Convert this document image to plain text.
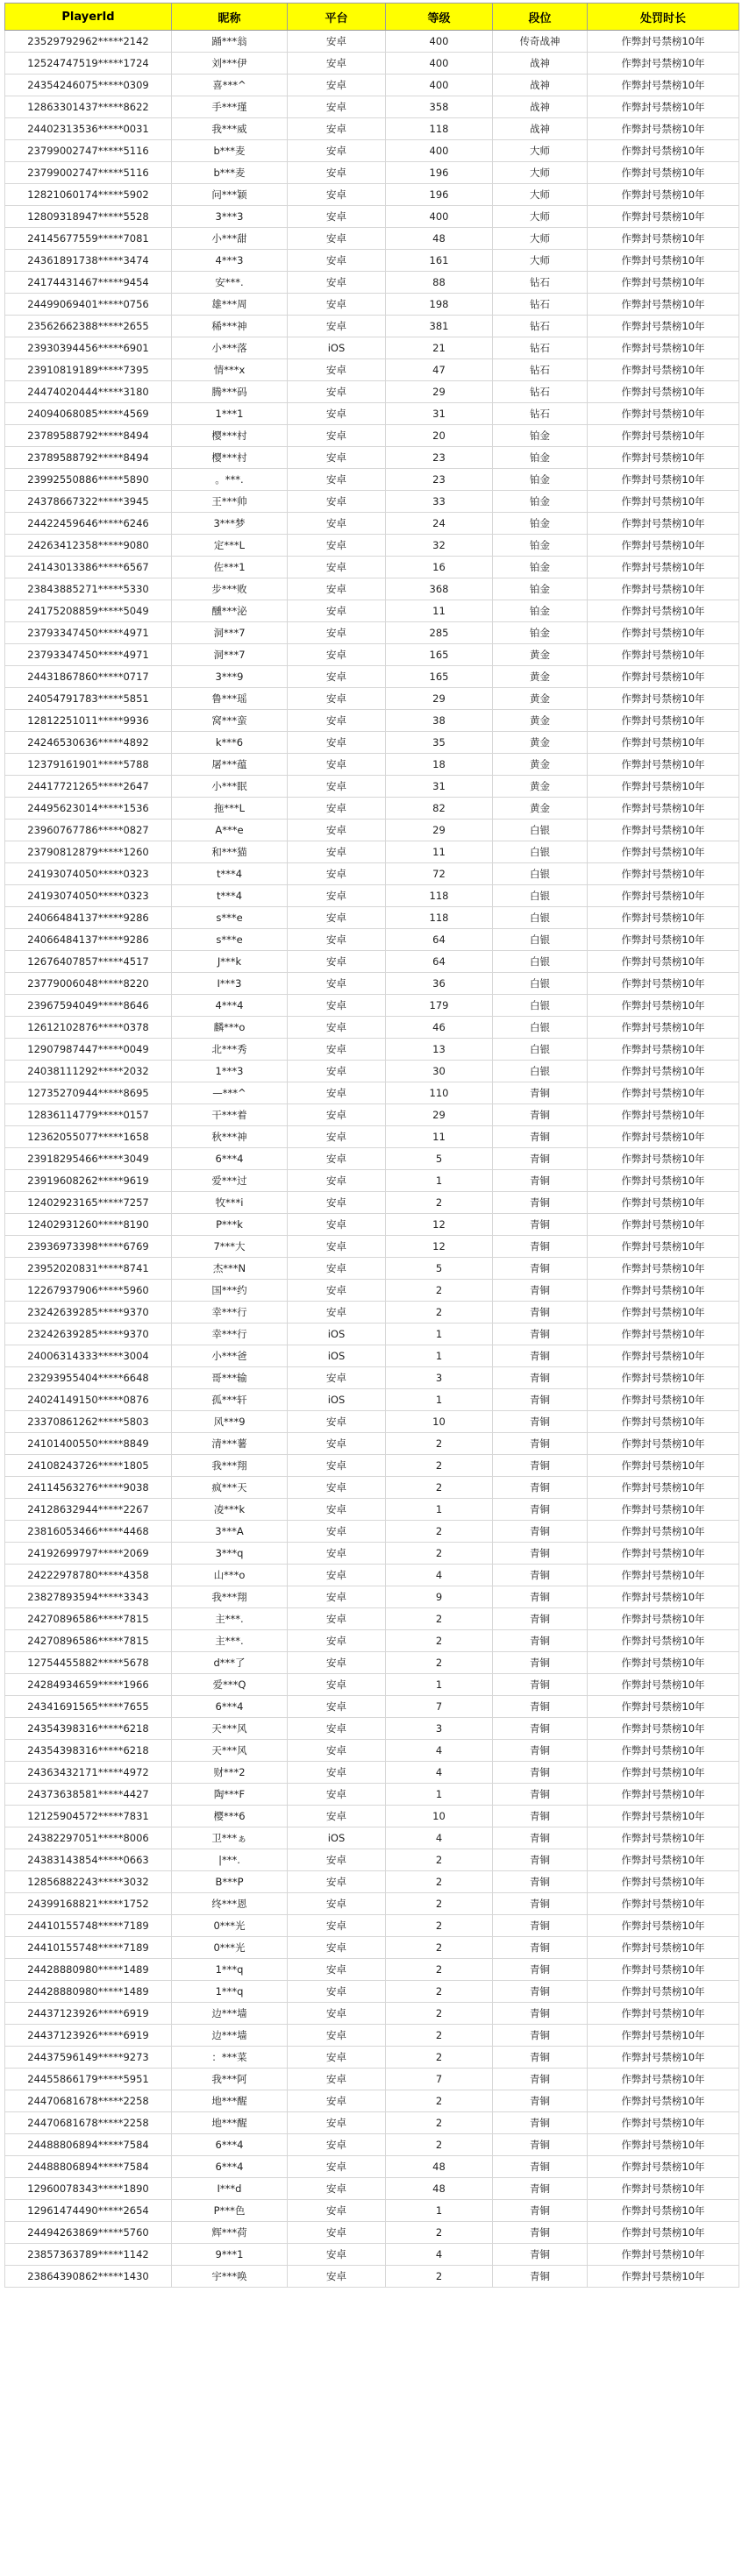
PlayerId	昵称	平台	等级	段位	处罚时长
23529792962*****2142	踊***翁	安卓	400	传奇战神	作弊封号禁榜10年
12524747519*****1724	刘***伊	安卓	400	战神	作弊封号禁榜10年
24354246075*****0309	喜***^	安卓	400	战神	作弊封号禁榜10年
12863301437*****8622	手***瑾	安卓	358	战神	作弊封号禁榜10年
24402313536*****0031	我***威	安卓	118	战神	作弊封号禁榜10年
23799002747*****5116	b***麦	安卓	400	大师	作弊封号禁榜10年
23799002747*****5116	b***麦	安卓	196	大师	作弊封号禁榜10年
12821060174*****5902	问***颖	安卓	196	大师	作弊封号禁榜10年
12809318947*****5528	3***3	安卓	400	大师	作弊封号禁榜10年
24145677559*****7081	小***甜	安卓	48	大师	作弊封号禁榜10年
24361891738*****3474	4***3	安卓	161	大师	作弊封号禁榜10年
24174431467*****9454	安***.	安卓	88	钻石	作弊封号禁榜10年
24499069401*****0756	雄***周	安卓	198	钻石	作弊封号禁榜10年
23562662388*****2655	稀***神	安卓	381	钻石	作弊封号禁榜10年
23930394456*****6901	小***落	iOS	21	钻石	作弊封号禁榜10年
23910819189*****7395	情***x	安卓	47	钻石	作弊封号禁榜10年
24474020444*****3180	腾***码	安卓	29	钻石	作弊封号禁榜10年
24094068085*****4569	1***1	安卓	31	钻石	作弊封号禁榜10年
23789588792*****8494	樱***村	安卓	20	铂金	作弊封号禁榜10年
23789588792*****8494	樱***村	安卓	23	铂金	作弊封号禁榜10年
23992550886*****5890	。***.	安卓	23	铂金	作弊封号禁榜10年
24378667322*****3945	王***帅	安卓	33	铂金	作弊封号禁榜10年
24422459646*****6246	3***梦	安卓	24	铂金	作弊封号禁榜10年
24263412358*****9080	定***L	安卓	32	铂金	作弊封号禁榜10年
24143013386*****6567	佐***1	安卓	16	铂金	作弊封号禁榜10年
23843885271*****5330	步***败	安卓	368	铂金	作弊封号禁榜10年
24175208859*****5049	醺***泌	安卓	11	铂金	作弊封号禁榜10年
23793347450*****4971	洞***7	安卓	285	铂金	作弊封号禁榜10年
23793347450*****4971	洞***7	安卓	165	黄金	作弊封号禁榜10年
24431867860*****0717	3***9	安卓	165	黄金	作弊封号禁榜10年
24054791783*****5851	鲁***瑶	安卓	29	黄金	作弊封号禁榜10年
12812251011*****9936	窝***蛮	安卓	38	黄金	作弊封号禁榜10年
24246530636*****4892	k***6	安卓	35	黄金	作弊封号禁榜10年
12379161901*****5788	屠***蕴	安卓	18	黄金	作弊封号禁榜10年
24417721265*****2647	小***眠	安卓	31	黄金	作弊封号禁榜10年
24495623014*****1536	拖***L	安卓	82	黄金	作弊封号禁榜10年
23960767786*****0827	A***e	安卓	29	白银	作弊封号禁榜10年
23790812879*****1260	和***猫	安卓	11	白银	作弊封号禁榜10年
24193074050*****0323	t***4	安卓	72	白银	作弊封号禁榜10年
24193074050*****0323	t***4	安卓	118	白银	作弊封号禁榜10年
24066484137*****9286	s***e	安卓	118	白银	作弊封号禁榜10年
24066484137*****9286	s***e	安卓	64	白银	作弊封号禁榜10年
12676407857*****4517	J***k	安卓	64	白银	作弊封号禁榜10年
23779006048*****8220	I***3	安卓	36	白银	作弊封号禁榜10年
23967594049*****8646	4***4	安卓	179	白银	作弊封号禁榜10年
12612102876*****0378	麟***o	安卓	46	白银	作弊封号禁榜10年
12907987447*****0049	北***秀	安卓	13	白银	作弊封号禁榜10年
24038111292*****2032	1***3	安卓	30	白银	作弊封号禁榜10年
12735270944*****8695	—***^	安卓	110	青铜	作弊封号禁榜10年
12836114779*****0157	干***着	安卓	29	青铜	作弊封号禁榜10年
12362055077*****1658	秋***神	安卓	11	青铜	作弊封号禁榜10年
23918295466*****3049	6***4	安卓	5	青铜	作弊封号禁榜10年
23919608262*****9619	爱***过	安卓	1	青铜	作弊封号禁榜10年
12402923165*****7257	牧***i	安卓	2	青铜	作弊封号禁榜10年
12402931260*****8190	P***k	安卓	12	青铜	作弊封号禁榜10年
23936973398*****6769	7***大	安卓	12	青铜	作弊封号禁榜10年
23952020831*****8741	杰***N	安卓	5	青铜	作弊封号禁榜10年
12267937906*****5960	国***约	安卓	2	青铜	作弊封号禁榜10年
23242639285*****9370	幸***行	安卓	2	青铜	作弊封号禁榜10年
23242639285*****9370	幸***行	iOS	1	青铜	作弊封号禁榜10年
24006314333*****3004	小***爸	iOS	1	青铜	作弊封号禁榜10年
23293955404*****6648	哥***输	安卓	3	青铜	作弊封号禁榜10年
24024149150*****0876	孤***轩	iOS	1	青铜	作弊封号禁榜10年
23370861262*****5803	风***9	安卓	10	青铜	作弊封号禁榜10年
24101400550*****8849	清***薯	安卓	2	青铜	作弊封号禁榜10年
24108243726*****1805	我***翔	安卓	2	青铜	作弊封号禁榜10年
24114563276*****9038	疯***天	安卓	2	青铜	作弊封号禁榜10年
24128632944*****2267	凌***k	安卓	1	青铜	作弊封号禁榜10年
23816053466*****4468	3***A	安卓	2	青铜	作弊封号禁榜10年
24192699797*****2069	3***q	安卓	2	青铜	作弊封号禁榜10年
24222978780*****4358	山***o	安卓	4	青铜	作弊封号禁榜10年
23827893594*****3343	我***翔	安卓	9	青铜	作弊封号禁榜10年
24270896586*****7815	主***.	安卓	2	青铜	作弊封号禁榜10年
24270896586*****7815	主***.	安卓	2	青铜	作弊封号禁榜10年
12754455882*****5678	d***了	安卓	2	青铜	作弊封号禁榜10年
24284934659*****1966	爱***Q	安卓	1	青铜	作弊封号禁榜10年
24341691565*****7655	6***4	安卓	7	青铜	作弊封号禁榜10年
24354398316*****6218	天***风	安卓	3	青铜	作弊封号禁榜10年
24354398316*****6218	天***风	安卓	4	青铜	作弊封号禁榜10年
24363432171*****4972	财***2	安卓	4	青铜	作弊封号禁榜10年
24373638581*****4427	陶***F	安卓	1	青铜	作弊封号禁榜10年
12125904572*****7831	樱***6	安卓	10	青铜	作弊封号禁榜10年
24382297051*****8006	卫***ぁ	iOS	4	青铜	作弊封号禁榜10年
24383143854*****0663	|***.	安卓	2	青铜	作弊封号禁榜10年
12856882243*****3032	B***P	安卓	2	青铜	作弊封号禁榜10年
24399168821*****1752	终***恩	安卓	2	青铜	作弊封号禁榜10年
24410155748*****7189	0***光	安卓	2	青铜	作弊封号禁榜10年
24410155748*****7189	0***光	安卓	2	青铜	作弊封号禁榜10年
24428880980*****1489	1***q	安卓	2	青铜	作弊封号禁榜10年
24428880980*****1489	1***q	安卓	2	青铜	作弊封号禁榜10年
24437123926*****6919	边***墙	安卓	2	青铜	作弊封号禁榜10年
24437123926*****6919	边***墙	安卓	2	青铜	作弊封号禁榜10年
24437596149*****9273	：***菜	安卓	2	青铜	作弊封号禁榜10年
24455866179*****5951	我***阿	安卓	7	青铜	作弊封号禁榜10年
24470681678*****2258	地***醒	安卓	2	青铜	作弊封号禁榜10年
24470681678*****2258	地***醒	安卓	2	青铜	作弊封号禁榜10年
24488806894*****7584	6***4	安卓	2	青铜	作弊封号禁榜10年
24488806894*****7584	6***4	安卓	48	青铜	作弊封号禁榜10年
12960078343*****1890	I***d	安卓	48	青铜	作弊封号禁榜10年
12961474490*****2654	P***色	安卓	1	青铜	作弊封号禁榜10年
24494263869*****5760	辉***荷	安卓	2	青铜	作弊封号禁榜10年
23857363789*****1142	9***1	安卓	4	青铜	作弊封号禁榜10年
23864390862*****1430	宇***唤	安卓	2	青铜	作弊封号禁榜10年
